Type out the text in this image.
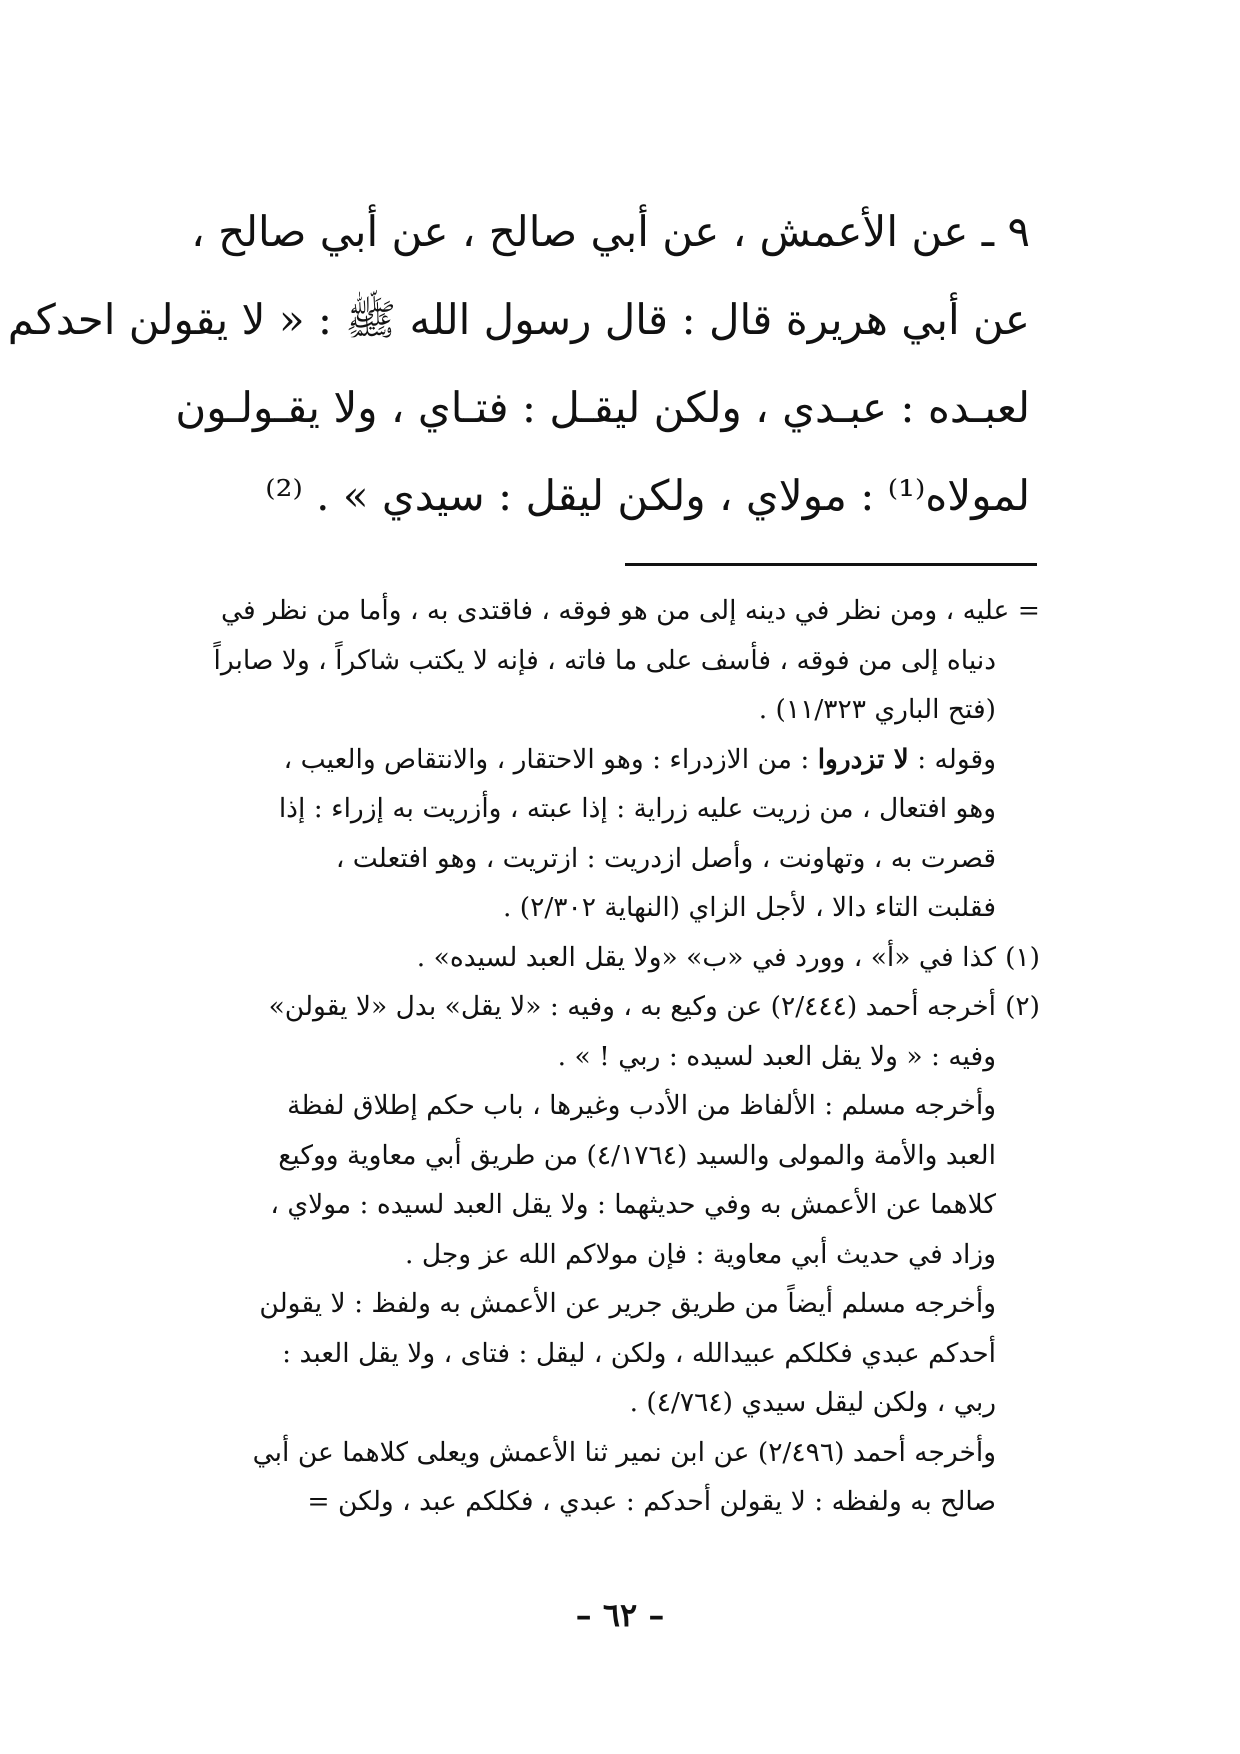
٩ ـ عن الأعمش ، عن أبي صالح ، عن أبي صالح ،
عن أبي هريرة قال : قال رسول الله ﷺ : « لا يقولن احدكم
لعبـده : عبـدي ، ولكن ليقـل : فتـاي ، ولا يقـولـون
لمولاه⁽¹⁾ : مولاي ، ولكن ليقل : سيدي » . ⁽²⁾
= عليه ، ومن نظر في دينه إلى من هو فوقه ، فاقتدى به ، وأما من نظر في
دنياه إلى من فوقه ، فأسف على ما فاته ، فإنه لا يكتب شاكراً ، ولا صابراً
(فتح الباري ١١/٣٢٣) .
وقوله : لا تزدروا : من الازدراء : وهو الاحتقار ، والانتقاص والعيب ،
وهو افتعال ، من زريت عليه زراية : إذا عبته ، وأزريت به إزراء : إذا
قصرت به ، وتهاونت ، وأصل ازدريت : ازتريت ، وهو افتعلت ،
فقلبت التاء دالا ، لأجل الزاي (النهاية ٢/٣٠٢) .
(١)كذا في «أ» ، وورد في «ب» «ولا يقل العبد لسيده» .
(٢)أخرجه أحمد (٢/٤٤٤) عن وكيع به ، وفيه : «لا يقل» بدل «لا يقولن»
وفيه : « ولا يقل العبد لسيده : ربي ! » .
وأخرجه مسلم : الألفاظ من الأدب وغيرها ، باب حكم إطلاق لفظة
العبد والأمة والمولى والسيد (٤/١٧٦٤) من طريق أبي معاوية ووكيع
كلاهما عن الأعمش به وفي حديثهما : ولا يقل العبد لسيده : مولاي ،
وزاد في حديث أبي معاوية : فإن مولاكم الله عز وجل .
وأخرجه مسلم أيضاً من طريق جرير عن الأعمش به ولفظ : لا يقولن
أحدكم عبدي فكلكم عبيدالله ، ولكن ، ليقل : فتاى ، ولا يقل العبد :
ربي ، ولكن ليقل سيدي (٤/٧٦٤) .
وأخرجه أحمد (٢/٤٩٦) عن ابن نمير ثنا الأعمش ويعلى كلاهما عن أبي
صالح به ولفظه : لا يقولن أحدكم : عبدي ، فكلكم عبد ، ولكن =
– ٦٢ –
